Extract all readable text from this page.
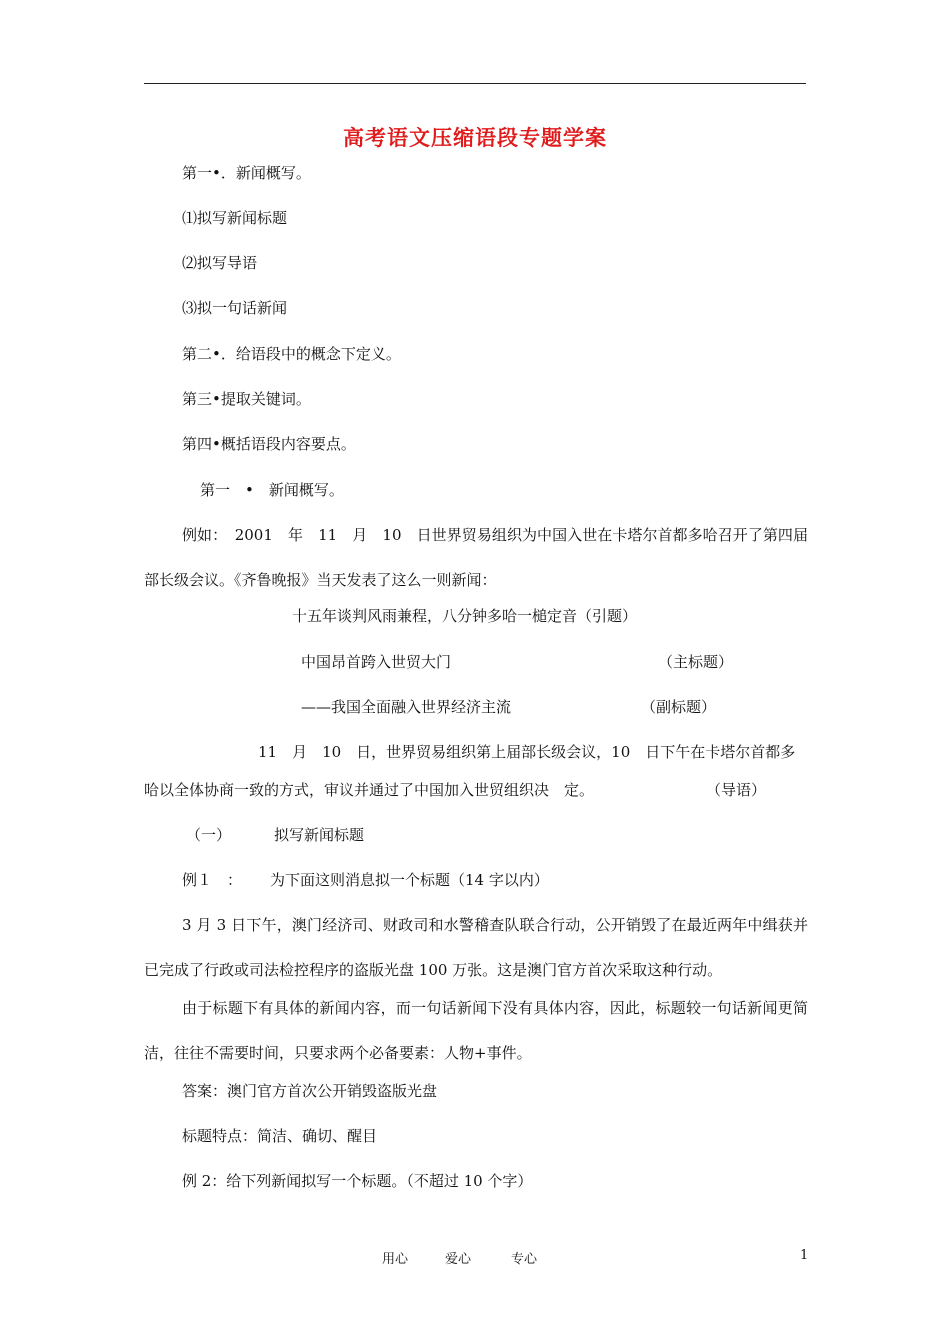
高考语文压缩语段专题学案
第一•．新闻概写。
⑴拟写新闻标题
⑵拟写导语
⑶拟一句话新闻
第二•．给语段中的概念下定义。
第三•提取关键词。
第四•概括语段内容要点。
第一　•　新闻概写。
例如：　2001　年　11　月　10　日世界贸易组织为中国入世在卡塔尔首都多哈召开了第四届部长级会议。《齐鲁晚报》当天发表了这么一则新闻：
十五年谈判风雨兼程，八分钟多哈一槌定音（引题）
中国昂首跨入世贸大门	（主标题）
——我国全面融入世界经济主流	（副标题）
11　月　10　日，世界贸易组织第上届部长级会议，10　日下午在卡塔尔首都多
哈以全体协商一致的方式，审议并通过了中国加入世贸组织决　定。	（导语）
（一）	拟写新闻标题
例１　： 为下面这则消息拟一个标题（14 字以内）
3 月 3 日下午，澳门经济司、财政司和水警稽查队联合行动，公开销毁了在最近两年中缉获并已完成了行政或司法检控程序的盗版光盘 100 万张。这是澳门官方首次采取这种行动。
由于标题下有具体的新闻内容，而一句话新闻下没有具体内容，因此，标题较一句话新闻更简洁，往往不需要时间，只要求两个必备要素：人物+事件。
答案：澳门官方首次公开销毁盗版光盘
标题特点：简洁、确切、醒目
例 2：给下列新闻拟写一个标题。（不超过 10 个字）
用心	爱心	专心	1
